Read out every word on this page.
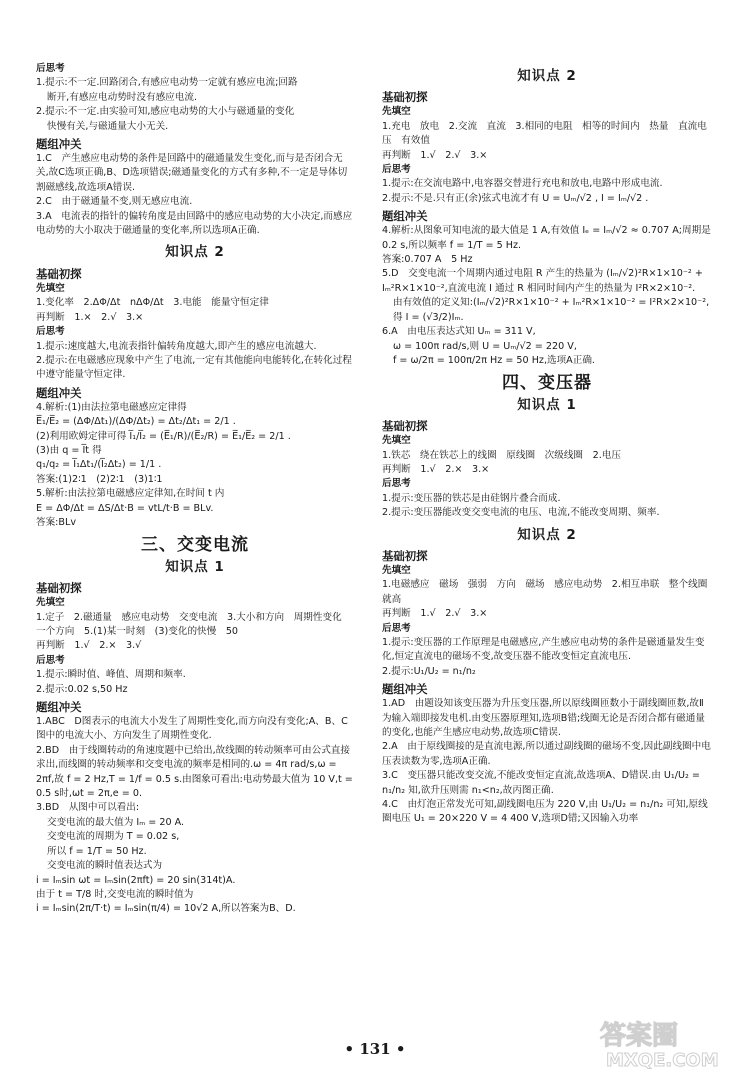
后思考
1.提示:不一定.回路闭合,有感应电动势一定就有感应电流;回路
断开,有感应电动势时没有感应电流.
2.提示:不一定.由实验可知,感应电动势的大小与磁通量的变化
快慢有关,与磁通量大小无关.
题组冲关
1.C　产生感应电动势的条件是回路中的磁通量发生变化,而与是否闭合无关,故C选项正确,B、D选项错误;磁通量变化的方式有多种,不一定是导体切割磁感线,故选项A错误.
2.C　由于磁通量不变,则无感应电流.
3.A　电流表的指针的偏转角度是由回路中的感应电动势的大小决定,而感应电动势的大小取决于磁通量的变化率,所以选项A正确.
知识点 2
基础初探
先填空
1.变化率　2.ΔΦ/Δt　nΔΦ/Δt　3.电能　能量守恒定律
再判断　1.×　2.√　3.×
后思考
1.提示:速度越大,电流表指针偏转角度越大,即产生的感应电流越大.
2.提示:在电磁感应现象中产生了电流,一定有其他能向电能转化,在转化过程中遵守能量守恒定律.
题组冲关
4.解析:(1)由法拉第电磁感应定律得
E̅₁/E̅₂ = (ΔΦ/Δt₁)/(ΔΦ/Δt₂) = Δt₂/Δt₁ = 2/1 .
(2)利用欧姆定律可得 I̅₁/I̅₂ = (E̅₁/R)/(E̅₂/R) = E̅₁/E̅₂ = 2/1 .
(3)由 q = I̅t 得
q₁/q₂ = I̅₁Δt₁/(I̅₂Δt₂) = 1/1 .
答案:(1)2∶1　(2)2∶1　(3)1∶1
5.解析:由法拉第电磁感应定律知,在时间 t 内
E = ΔΦ/Δt = ΔS/Δt·B = vtL/t·B = BLv.
答案:BLv
三、交变电流
知识点 1
基础初探
先填空
1.定子　2.磁通量　感应电动势　交变电流　3.大小和方向　周期性变化　一个方向　5.(1)某一时刻　(3)变化的快慢　50
再判断　1.√　2.×　3.√
后思考
1.提示:瞬时值、峰值、周期和频率.
2.提示:0.02 s,50 Hz
题组冲关
1.ABC　D图表示的电流大小发生了周期性变化,而方向没有变化;A、B、C图中的电流大小、方向发生了周期性变化.
2.BD　由于线圈转动的角速度题中已给出,故线圈的转动频率可由公式直接求出,而线圈的转动频率和交变电流的频率是相同的.ω = 4π rad/s,ω = 2πf,故 f = 2 Hz,T = 1/f = 0.5 s.由图象可看出:电动势最大值为 10 V,t = 0.5 s时,ωt = 2π,e = 0.
3.BD　从图中可以看出:
交变电流的最大值为 Iₘ = 20 A.
交变电流的周期为 T = 0.02 s,
所以 f = 1/T = 50 Hz.
交变电流的瞬时值表达式为
i = Iₘsin ωt = Iₘsin(2πft) = 20 sin(314t)A.
由于 t = T/8 时,交变电流的瞬时值为
i = Iₘsin(2π/T·t) = Iₘsin(π/4) = 10√2 A,所以答案为B、D.
知识点 2
基础初探
先填空
1.充电　放电　2.交流　直流　3.相同的电阻　相等的时间内　热量　直流电压　有效值
再判断　1.√　2.√　3.×
后思考
1.提示:在交流电路中,电容器交替进行充电和放电,电路中形成电流.
2.提示:不是.只有正(余)弦式电流才有 U = Uₘ/√2 , I = Iₘ/√2 .
题组冲关
4.解析:从图象可知电流的最大值是 1 A,有效值 Iₑ = Iₘ/√2 ≈ 0.707 A;周期是 0.2 s,所以频率 f = 1/T = 5 Hz.
答案:0.707 A　5 Hz
5.D　交变电流一个周期内通过电阻 R 产生的热量为 (Iₘ/√2)²R×1×10⁻² + Iₘ²R×1×10⁻²,直流电流 I 通过 R 相同时间内产生的热量为 I²R×2×10⁻².
由有效值的定义知:(Iₘ/√2)²R×1×10⁻² + Iₘ²R×1×10⁻² = I²R×2×10⁻²,得 I = (√3/2)Iₘ.
6.A　由电压表达式知 Uₘ = 311 V,
ω = 100π rad/s,则 U = Uₘ/√2 = 220 V,
f = ω/2π = 100π/2π Hz = 50 Hz,选项A正确.
四、变压器
知识点 1
基础初探
先填空
1.铁芯　绕在铁芯上的线圈　原线圈　次级线圈　2.电压
再判断　1.√　2.×　3.×
后思考
1.提示:变压器的铁芯是由硅钢片叠合而成.
2.提示:变压器能改变交变电流的电压、电流,不能改变周期、频率.
知识点 2
基础初探
先填空
1.电磁感应　磁场　强弱　方向　磁场　感应电动势　2.相互串联　整个线圈　就高
再判断　1.√　2.√　3.×
后思考
1.提示:变压器的工作原理是电磁感应,产生感应电动势的条件是磁通量发生变化,恒定直流电的磁场不变,故变压器不能改变恒定直流电压.
2.提示:U₁/U₂ = n₁/n₂
题组冲关
1.AD　由题设知该变压器为升压变压器,所以原线圈匝数小于副线圈匝数,故Ⅱ为输入端即接发电机.由变压器原理知,选项B错;线圈无论是否闭合都有磁通量的变化,也能产生感应电动势,故选项C错误.
2.A　由于原线圈接的是直流电源,所以通过副线圈的磁场不变,因此副线圈中电压表读数为零,选项A正确.
3.C　变压器只能改变交流,不能改变恒定直流,故选项A、D错误.由 U₁/U₂ = n₁/n₂ 知,欲升压则需 n₁<n₂,故丙图正确.
4.C　由灯泡正常发光可知,副线圈电压为 220 V,由 U₁/U₂ = n₁/n₂ 可知,原线圈电压 U₁ = 20×220 V = 4 400 V,选项D错;又因输入功率
• 131 •	答案圈
MXQE.COM
